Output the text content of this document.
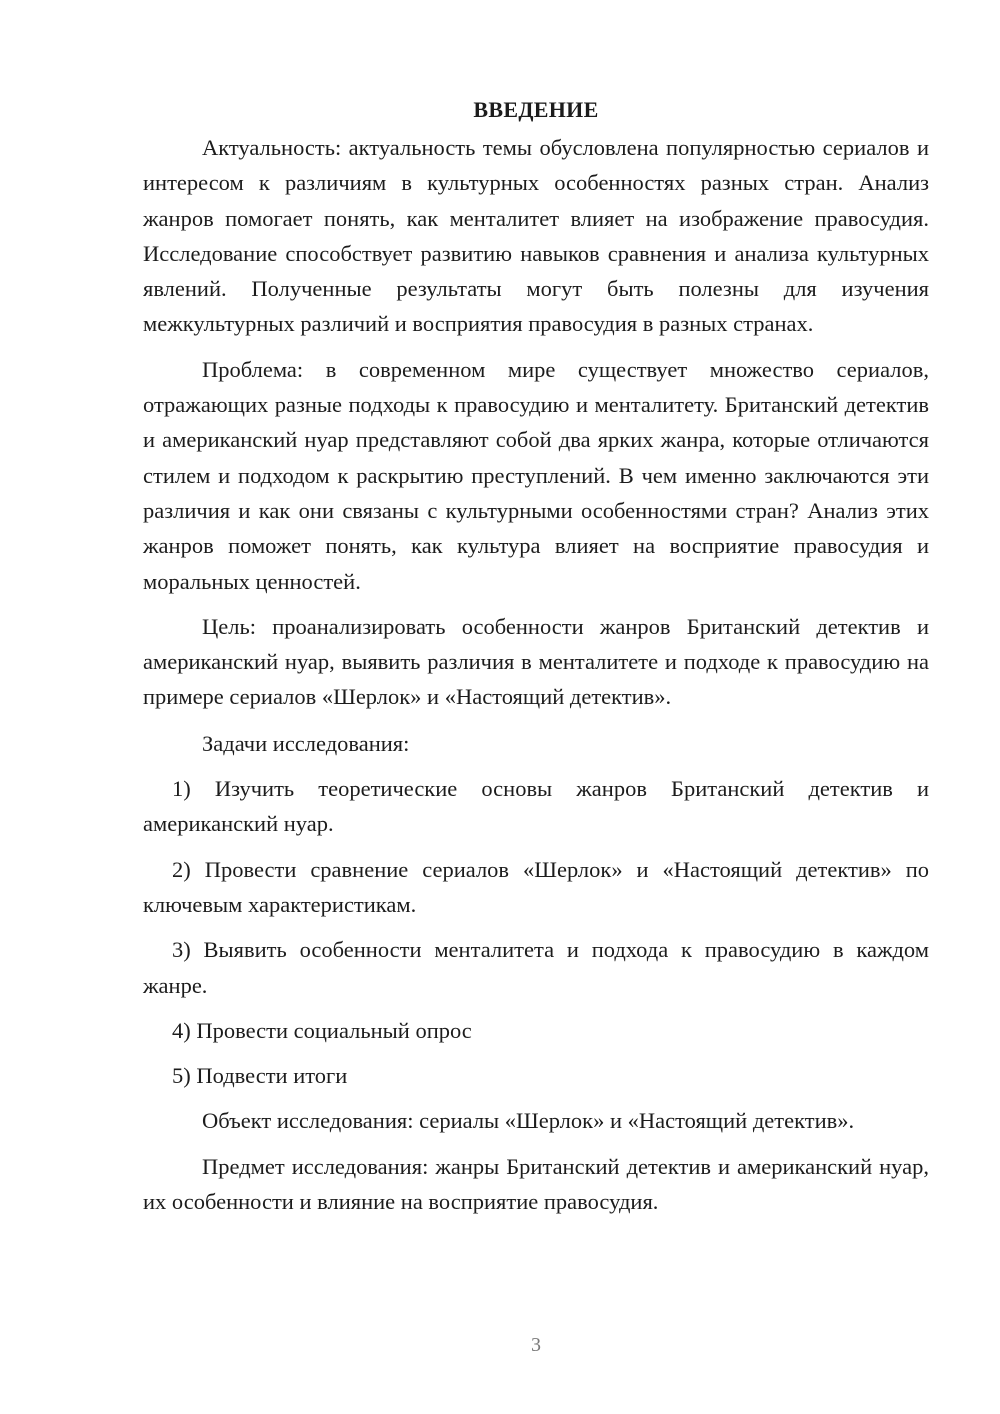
ВВЕДЕНИЕ

Актуальность: актуальность темы обусловлена популярностью сериалов и интересом к различиям в культурных особенностях разных стран. Анализ жанров помогает понять, как менталитет влияет на изображение правосудия. Исследование способствует развитию навыков сравнения и анализа культурных явлений. Полученные результаты могут быть полезны для изучения межкультурных различий и восприятия правосудия в разных странах.

Проблема: в современном мире существует множество сериалов, отражающих разные подходы к правосудию и менталитету. Британский детектив и американский нуар представляют собой два ярких жанра, которые отличаются стилем и подходом к раскрытию преступлений. В чем именно заключаются эти различия и как они связаны с культурными особенностями стран? Анализ этих жанров поможет понять, как культура влияет на восприятие правосудия и моральных ценностей.

Цель: проанализировать особенности жанров Британский детектив и американский нуар, выявить различия в менталитете и подходе к правосудию на примере сериалов «Шерлок» и «Настоящий детектив».

Задачи исследования:

1) Изучить теоретические основы жанров Британский детектив и американский нуар.

2) Провести сравнение сериалов «Шерлок» и «Настоящий детектив» по ключевым характеристикам.

3) Выявить особенности менталитета и подхода к правосудию в каждом жанре.

4) Провести социальный опрос

5) Подвести итоги

Объект исследования: сериалы «Шерлок» и «Настоящий детектив».

Предмет исследования: жанры Британский детектив и американский нуар, их особенности и влияние на восприятие правосудия.

3
